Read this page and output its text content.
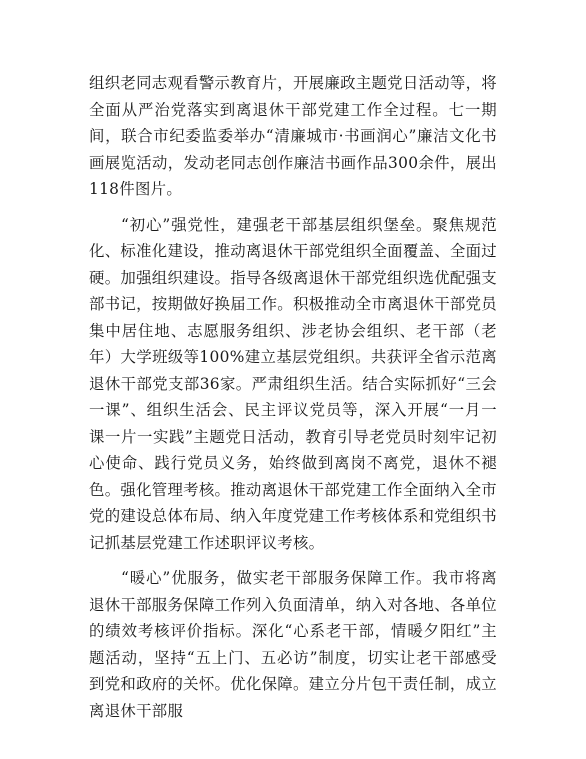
组织老同志观看警示教育片，开展廉政主题党日活动等，将全面从严治党落实到离退休干部党建工作全过程。七一期间，联合市纪委监委举办“清廉城市·书画润心”廉洁文化书画展览活动，发动老同志创作廉洁书画作品300余件，展出118件图片。

“初心”强党性，建强老干部基层组织堡垒。聚焦规范化、标准化建设，推动离退休干部党组织全面覆盖、全面过硬。加强组织建设。指导各级离退休干部党组织选优配强支部书记，按期做好换届工作。积极推动全市离退休干部党员集中居住地、志愿服务组织、涉老协会组织、老干部（老年）大学班级等100%建立基层党组织。共获评全省示范离退休干部党支部36家。严肃组织生活。结合实际抓好“三会一课”、组织生活会、民主评议党员等，深入开展“一月一课一片一实践”主题党日活动，教育引导老党员时刻牢记初心使命、践行党员义务，始终做到离岗不离党，退休不褪色。强化管理考核。推动离退休干部党建工作全面纳入全市党的建设总体布局、纳入年度党建工作考核体系和党组织书记抓基层党建工作述职评议考核。

“暖心”优服务，做实老干部服务保障工作。我市将离退休干部服务保障工作列入负面清单，纳入对各地、各单位的绩效考核评价指标。深化“心系老干部，情暖夕阳红”主题活动，坚持“五上门、五必访”制度，切实让老干部感受到党和政府的关怀。优化保障。建立分片包干责任制，成立离退休干部服
